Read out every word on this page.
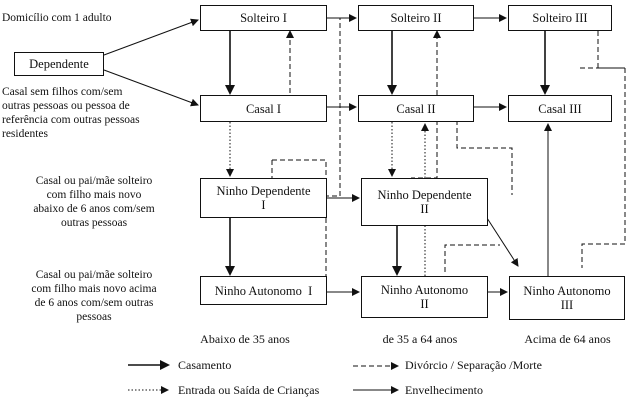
Domicílio com 1 adulto
Casal sem filhos com/sem
outras pessoas ou pessoa de
referência com outras pessoas
residentes
Casal ou pai/mãe solteiro
com filho mais novo
abaixo de 6 anos com/sem
outras pessoas
Casal ou pai/mãe solteiro
com filho mais novo acima
de 6 anos com/sem outras
pessoas
Dependente
Solteiro I	Solteiro II	Solteiro III
Casal I	Casal II	Casal III
Ninho Dependente
I
Ninho Dependente
II
Ninho Autonomo  I	Ninho Autonomo
II
Ninho Autonomo
III
Abaixo de 35 anos	de 35 a 64 anos	Acima de 64 anos
Casamento	Divórcio / Separação /Morte
Entrada ou Saída de Crianças	Envelhecimento
